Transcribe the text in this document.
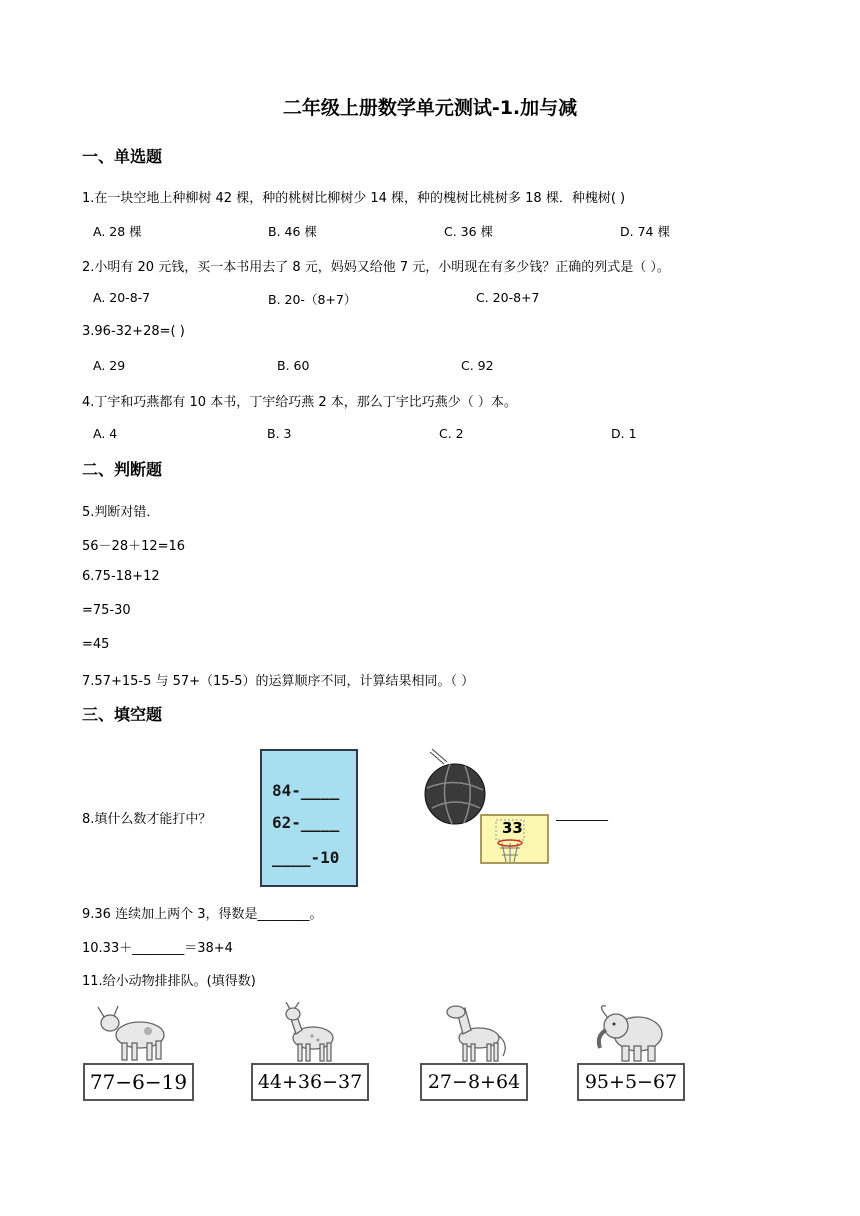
二年级上册数学单元测试-1.加与减
一、单选题
1.在一块空地上种柳树 42 棵，种的桃树比柳树少 14 棵，种的槐树比桃树多 18 棵．种槐树( )
A. 28 棵	B. 46 棵	C. 36 棵	D. 74 棵
2.小明有 20 元钱，买一本书用去了 8 元，妈妈又给他 7 元，小明现在有多少钱？正确的列式是（ ）。
A. 20-8-7	B. 20-（8+7）	C. 20-8+7
3.96-32+28=( )
A. 29	B. 60	C. 92
4.丁宇和巧燕都有 10 本书，丁宇给巧燕 2 本，那么丁宇比巧燕少（ ）本。
A. 4	B. 3	C. 2	D. 1
二、判断题
5.判断对错．
56－28＋12=16
6.75-18+12
=75-30
=45
7.57+15-5 与 57+（15-5）的运算顺序不同，计算结果相同。（ ）
三、填空题
8.填什么数才能打中？
84-____
62-____
____-10
33
________
9.36 连续加上两个 3，得数是________。
10.33＋________＝38+4
11.给小动物排排队。(填得数)
77−6−19	44+36−37	27−8+64	95+5−67
